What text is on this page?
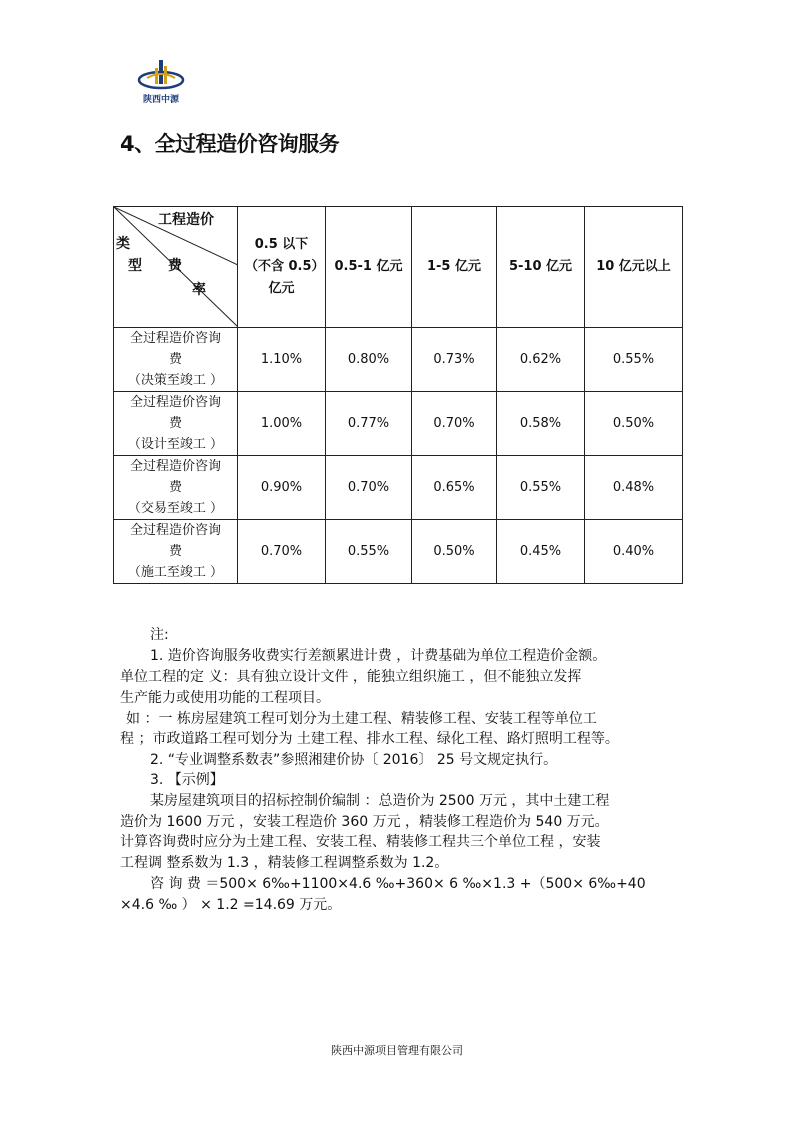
陕西中源
4、全过程造价咨询服务
工程造价
类
型 费
率	0.5 以下（不含 0.5）亿元	0.5-1 亿元	1-5 亿元	5-10 亿元	10 亿元以上

全过程造价咨询
费
（决策至竣工 ）	1.10%	0.80%	0.73%	0.62%	0.55%

全过程造价咨询
费
（设计至竣工 ）	1.00%	0.77%	0.70%	0.58%	0.50%

全过程造价咨询
费
（交易至竣工 ）	0.90%	0.70%	0.65%	0.55%	0.48%

全过程造价咨询
费
（施工至竣工 ）	0.70%	0.55%	0.50%	0.45%	0.40%
注:
1. 造价咨询服务收费实行差额累进计费 ，计费基础为单位工程造价金额。
单位工程的定 义：具有独立设计文件 ，能独立组织施工 ，但不能独立发挥
生产能力或使用功能的工程项目。
如 ：一 栋房屋建筑工程可划分为土建工程、精装修工程、安装工程等单位工
程 ；市政道路工程可划分为 土建工程、排水工程、绿化工程、路灯照明工程等。
2. “专业调整系数表”参照湘建价协〔 2016〕 25 号文规定执行。
3. 【示例】
某房屋建筑项目的招标控制价编制 ：总造价为 2500 万元 ，其中土建工程
造价为 1600 万元 ，安装工程造价 360 万元 ，精装修工程造价为 540 万元。
计算咨询费时应分为土建工程、安装工程、精装修工程共三个单位工程 ，安装
工程调 整系数为 1.3 ，精装修工程调整系数为 1.2。
咨 询 费 ＝500× 6‰+1100×4.6 ‰+360× 6 ‰×1.3 +（500× 6‰+40
×4.6 ‰ ） × 1.2 =14.69 万元。
陕西中源项目管理有限公司
